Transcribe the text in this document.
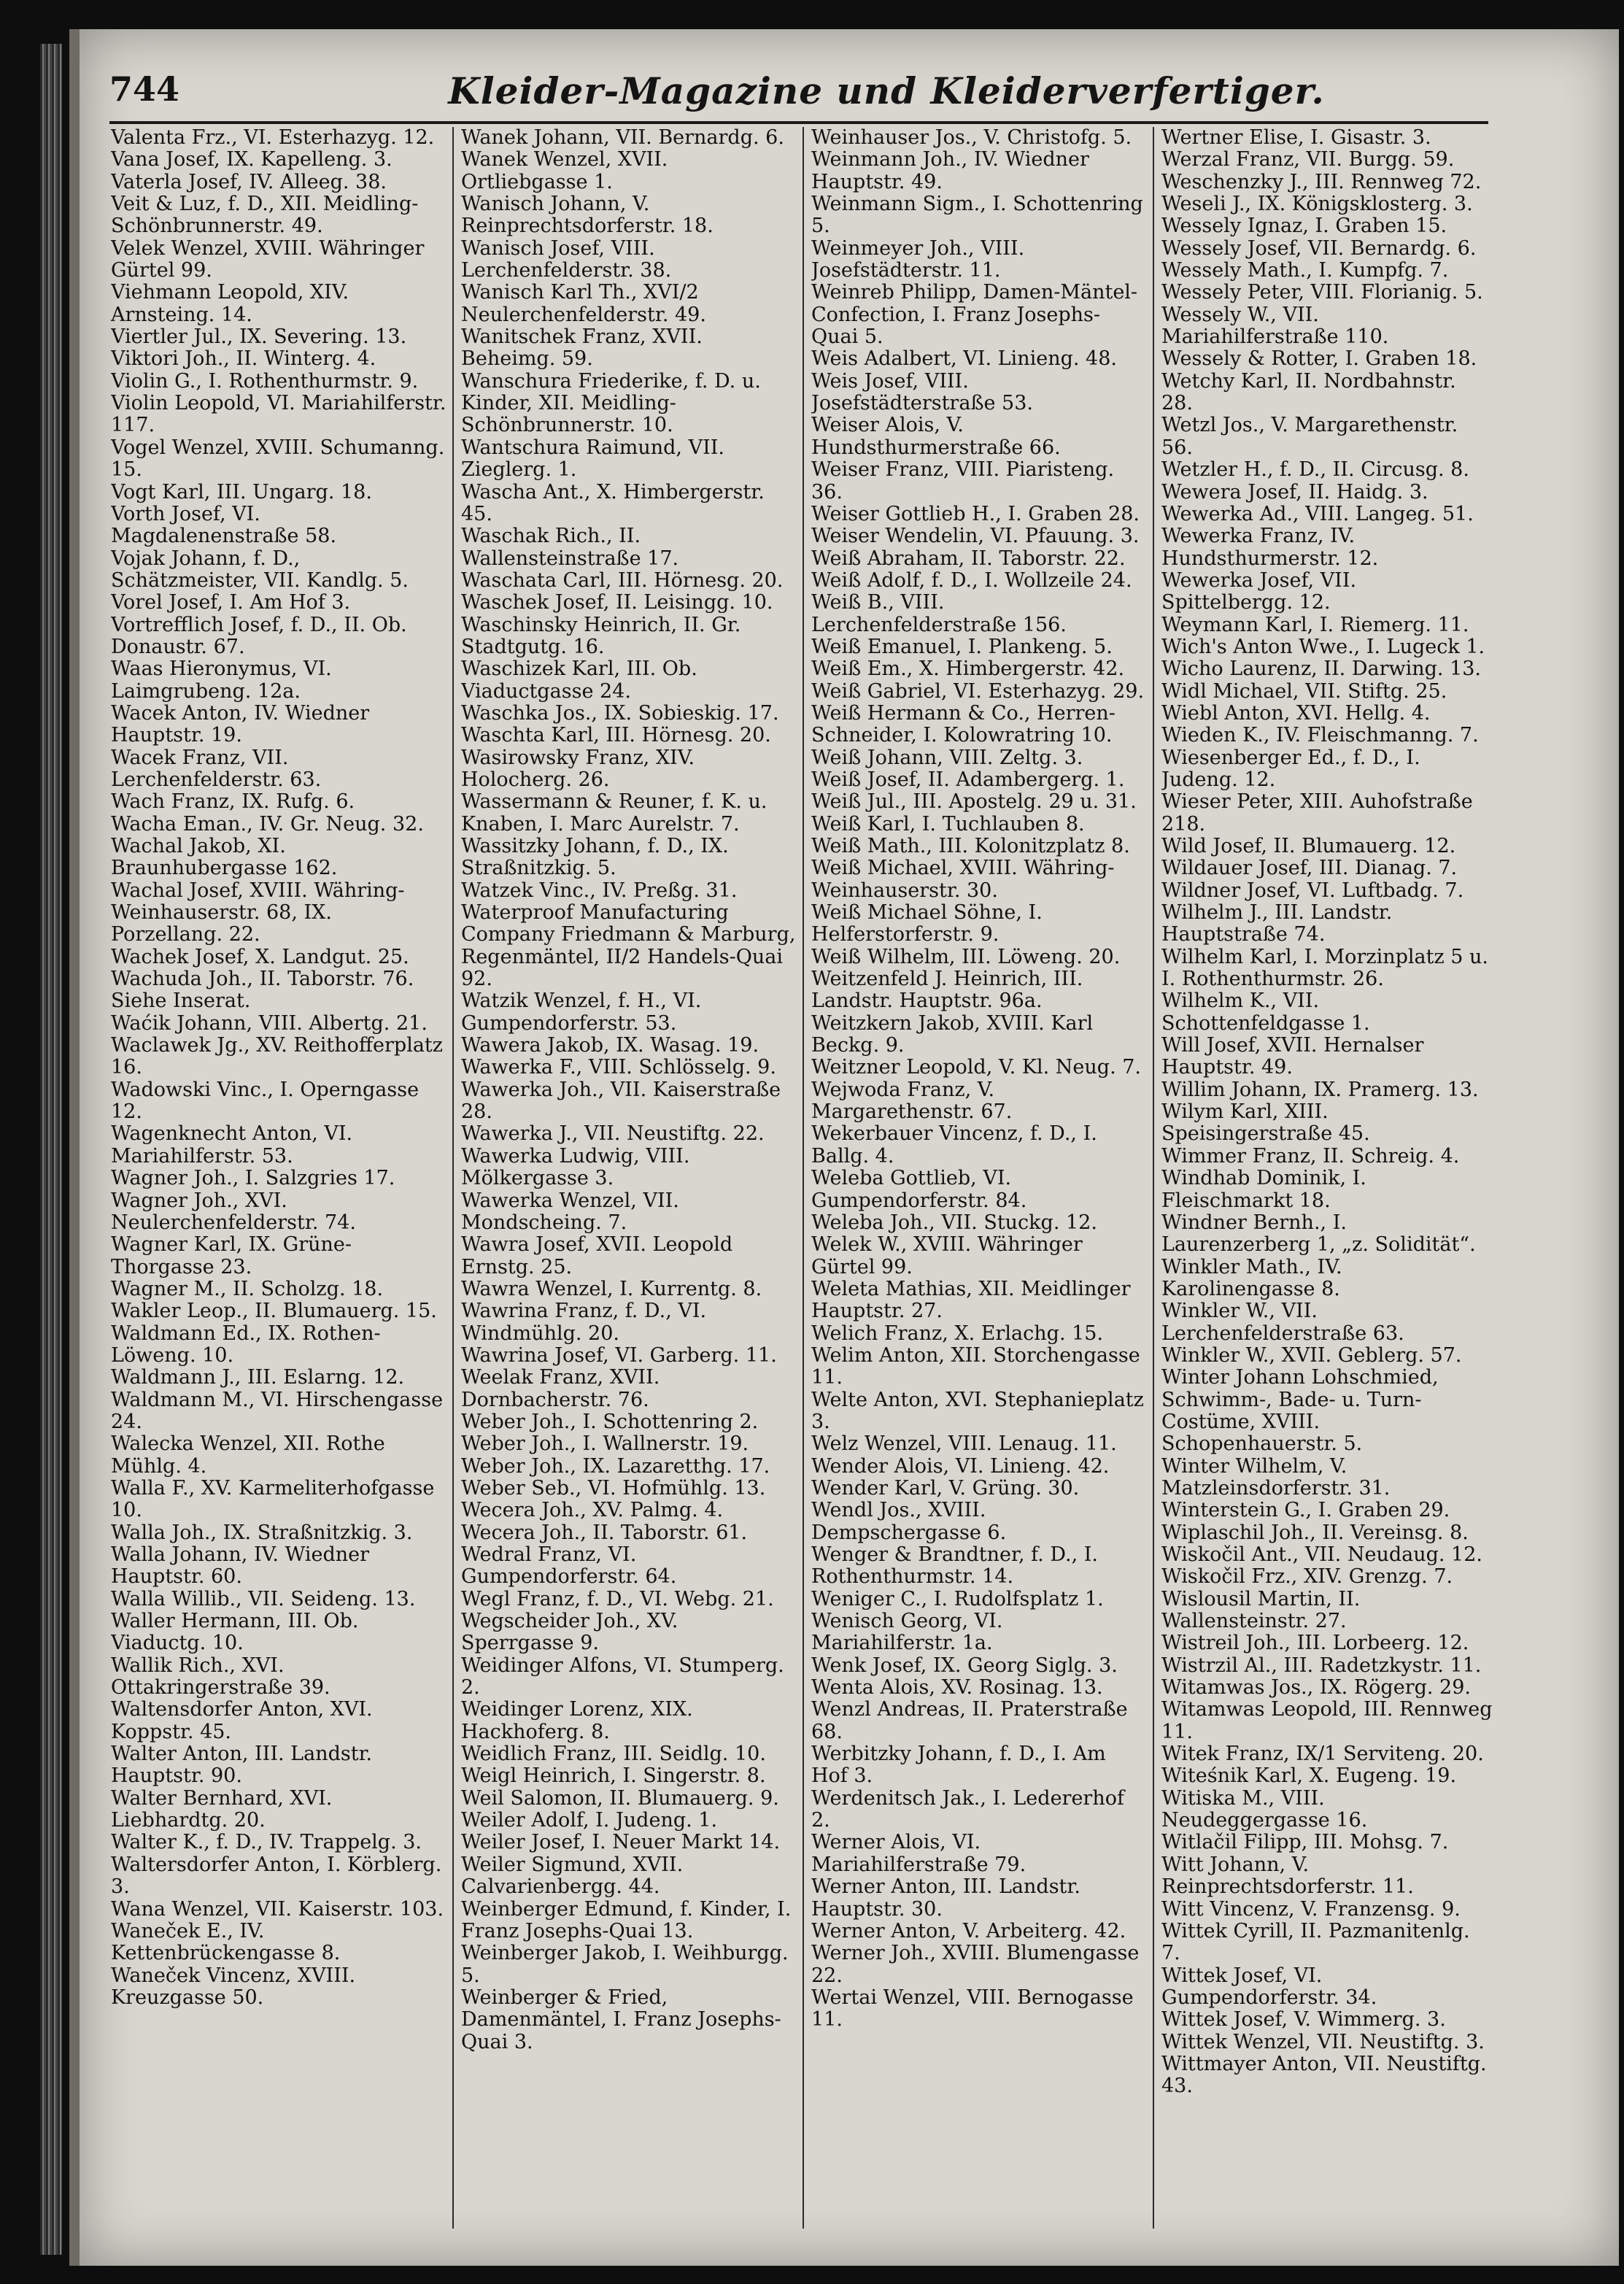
744	Kleider-Magazine und Kleiderverfertiger.
Valenta Frz., VI. Esterhazyg. 12.
Vana Josef, IX. Kapelleng. 3.
Vaterla Josef, IV. Alleeg. 38.
Veit & Luz, f. D., XII. Meidling-Schönbrunnerstr. 49.
Velek Wenzel, XVIII. Währinger Gürtel 99.
Viehmann Leopold, XIV. Arnsteing. 14.
Viertler Jul., IX. Severing. 13.
Viktori Joh., II. Winterg. 4.
Violin G., I. Rothenthurmstr. 9.
Violin Leopold, VI. Mariahilferstr. 117.
Vogel Wenzel, XVIII. Schumanng. 15.
Vogt Karl, III. Ungarg. 18.
Vorth Josef, VI. Magdalenenstraße 58.
Vojak Johann, f. D., Schätzmeister, VII. Kandlg. 5.
Vorel Josef, I. Am Hof 3.
Vortrefflich Josef, f. D., II. Ob. Donaustr. 67.
Waas Hieronymus, VI. Laimgrubeng. 12a.
Wacek Anton, IV. Wiedner Hauptstr. 19.
Wacek Franz, VII. Lerchenfelderstr. 63.
Wach Franz, IX. Rufg. 6.
Wacha Eman., IV. Gr. Neug. 32.
Wachal Jakob, XI. Braunhubergasse 162.
Wachal Josef, XVIII. Währing-Weinhauserstr. 68, IX. Porzellang. 22.
Wachek Josef, X. Landgut. 25.
Wachuda Joh., II. Taborstr. 76.
Siehe Inserat.
Waćik Johann, VIII. Albertg. 21.
Waclawek Jg., XV. Reithofferplatz 16.
Wadowski Vinc., I. Operngasse 12.
Wagenknecht Anton, VI. Mariahilferstr. 53.
Wagner Joh., I. Salzgries 17.
Wagner Joh., XVI. Neulerchenfelderstr. 74.
Wagner Karl, IX. Grüne-Thorgasse 23.
Wagner M., II. Scholzg. 18.
Wakler Leop., II. Blumauerg. 15.
Waldmann Ed., IX. Rothen-Löweng. 10.
Waldmann J., III. Eslarng. 12.
Waldmann M., VI. Hirschengasse 24.
Walecka Wenzel, XII. Rothe Mühlg. 4.
Walla F., XV. Karmeliterhofgasse 10.
Walla Joh., IX. Straßnitzkig. 3.
Walla Johann, IV. Wiedner Hauptstr. 60.
Walla Willib., VII. Seideng. 13.
Waller Hermann, III. Ob. Viaductg. 10.
Wallik Rich., XVI. Ottakringerstraße 39.
Waltensdorfer Anton, XVI. Koppstr. 45.
Walter Anton, III. Landstr. Hauptstr. 90.
Walter Bernhard, XVI. Liebhardtg. 20.
Walter K., f. D., IV. Trappelg. 3.
Waltersdorfer Anton, I. Körblerg. 3.
Wana Wenzel, VII. Kaiserstr. 103.
Waneček E., IV. Kettenbrückengasse 8.
Waneček Vincenz, XVIII. Kreuzgasse 50.
Wanek Johann, VII. Bernardg. 6.
Wanek Wenzel, XVII. Ortliebgasse 1.
Wanisch Johann, V. Reinprechtsdorferstr. 18.
Wanisch Josef, VIII. Lerchenfelderstr. 38.
Wanisch Karl Th., XVI/2 Neulerchenfelderstr. 49.
Wanitschek Franz, XVII. Beheimg. 59.
Wanschura Friederike, f. D. u. Kinder, XII. Meidling-Schönbrunnerstr. 10.
Wantschura Raimund, VII. Zieglerg. 1.
Wascha Ant., X. Himbergerstr. 45.
Waschak Rich., II. Wallensteinstraße 17.
Waschata Carl, III. Hörnesg. 20.
Waschek Josef, II. Leisingg. 10.
Waschinsky Heinrich, II. Gr. Stadtgutg. 16.
Waschizek Karl, III. Ob. Viaductgasse 24.
Waschka Jos., IX. Sobieskig. 17.
Waschta Karl, III. Hörnesg. 20.
Wasirowsky Franz, XIV. Holocherg. 26.
Wassermann & Reuner, f. K. u. Knaben, I. Marc Aurelstr. 7.
Wassitzky Johann, f. D., IX. Straßnitzkig. 5.
Watzek Vinc., IV. Preßg. 31.
Waterproof Manufacturing Company Friedmann & Marburg, Regenmäntel, II/2 Handels-Quai 92.
Watzik Wenzel, f. H., VI. Gumpendorferstr. 53.
Wawera Jakob, IX. Wasag. 19.
Wawerka F., VIII. Schlösselg. 9.
Wawerka Joh., VII. Kaiserstraße 28.
Wawerka J., VII. Neustiftg. 22.
Wawerka Ludwig, VIII. Mölkergasse 3.
Wawerka Wenzel, VII. Mondscheing. 7.
Wawra Josef, XVII. Leopold Ernstg. 25.
Wawra Wenzel, I. Kurrentg. 8.
Wawrina Franz, f. D., VI. Windmühlg. 20.
Wawrina Josef, VI. Garberg. 11.
Weelak Franz, XVII. Dornbacherstr. 76.
Weber Joh., I. Schottenring 2.
Weber Joh., I. Wallnerstr. 19.
Weber Joh., IX. Lazaretthg. 17.
Weber Seb., VI. Hofmühlg. 13.
Wecera Joh., XV. Palmg. 4.
Wecera Joh., II. Taborstr. 61.
Wedral Franz, VI. Gumpendorferstr. 64.
Wegl Franz, f. D., VI. Webg. 21.
Wegscheider Joh., XV. Sperrgasse 9.
Weidinger Alfons, VI. Stumperg. 2.
Weidinger Lorenz, XIX. Hackhoferg. 8.
Weidlich Franz, III. Seidlg. 10.
Weigl Heinrich, I. Singerstr. 8.
Weil Salomon, II. Blumauerg. 9.
Weiler Adolf, I. Judeng. 1.
Weiler Josef, I. Neuer Markt 14.
Weiler Sigmund, XVII. Calvarienbergg. 44.
Weinberger Edmund, f. Kinder, I. Franz Josephs-Quai 13.
Weinberger Jakob, I. Weihburgg. 5.
Weinberger & Fried, Damenmäntel, I. Franz Josephs-Quai 3.
Weinhauser Jos., V. Christofg. 5.
Weinmann Joh., IV. Wiedner Hauptstr. 49.
Weinmann Sigm., I. Schottenring 5.
Weinmeyer Joh., VIII. Josefstädterstr. 11.
Weinreb Philipp, Damen-Mäntel-Confection, I. Franz Josephs-Quai 5.
Weis Adalbert, VI. Linieng. 48.
Weis Josef, VIII. Josefstädterstraße 53.
Weiser Alois, V. Hundsthurmerstraße 66.
Weiser Franz, VIII. Piaristeng. 36.
Weiser Gottlieb H., I. Graben 28.
Weiser Wendelin, VI. Pfauung. 3.
Weiß Abraham, II. Taborstr. 22.
Weiß Adolf, f. D., I. Wollzeile 24.
Weiß B., VIII. Lerchenfelderstraße 156.
Weiß Emanuel, I. Plankeng. 5.
Weiß Em., X. Himbergerstr. 42.
Weiß Gabriel, VI. Esterhazyg. 29.
Weiß Hermann & Co., Herren-Schneider, I. Kolowratring 10.
Weiß Johann, VIII. Zeltg. 3.
Weiß Josef, II. Adambergerg. 1.
Weiß Jul., III. Apostelg. 29 u. 31.
Weiß Karl, I. Tuchlauben 8.
Weiß Math., III. Kolonitzplatz 8.
Weiß Michael, XVIII. Währing-Weinhauserstr. 30.
Weiß Michael Söhne, I. Helferstorferstr. 9.
Weiß Wilhelm, III. Löweng. 20.
Weitzenfeld J. Heinrich, III. Landstr. Hauptstr. 96a.
Weitzkern Jakob, XVIII. Karl Beckg. 9.
Weitzner Leopold, V. Kl. Neug. 7.
Wejwoda Franz, V. Margarethenstr. 67.
Wekerbauer Vincenz, f. D., I. Ballg. 4.
Weleba Gottlieb, VI. Gumpendorferstr. 84.
Weleba Joh., VII. Stuckg. 12.
Welek W., XVIII. Währinger Gürtel 99.
Weleta Mathias, XII. Meidlinger Hauptstr. 27.
Welich Franz, X. Erlachg. 15.
Welim Anton, XII. Storchengasse 11.
Welte Anton, XVI. Stephanieplatz 3.
Welz Wenzel, VIII. Lenaug. 11.
Wender Alois, VI. Linieng. 42.
Wender Karl, V. Grüng. 30.
Wendl Jos., XVIII. Dempschergasse 6.
Wenger & Brandtner, f. D., I. Rothenthurmstr. 14.
Weniger C., I. Rudolfsplatz 1.
Wenisch Georg, VI. Mariahilferstr. 1a.
Wenk Josef, IX. Georg Siglg. 3.
Wenta Alois, XV. Rosinag. 13.
Wenzl Andreas, II. Praterstraße 68.
Werbitzky Johann, f. D., I. Am Hof 3.
Werdenitsch Jak., I. Ledererhof 2.
Werner Alois, VI. Mariahilferstraße 79.
Werner Anton, III. Landstr. Hauptstr. 30.
Werner Anton, V. Arbeiterg. 42.
Werner Joh., XVIII. Blumengasse 22.
Wertai Wenzel, VIII. Bernogasse 11.
Wertner Elise, I. Gisastr. 3.
Werzal Franz, VII. Burgg. 59.
Weschenzky J., III. Rennweg 72.
Weseli J., IX. Königsklosterg. 3.
Wessely Ignaz, I. Graben 15.
Wessely Josef, VII. Bernardg. 6.
Wessely Math., I. Kumpfg. 7.
Wessely Peter, VIII. Florianig. 5.
Wessely W., VII. Mariahilferstraße 110.
Wessely & Rotter, I. Graben 18.
Wetchy Karl, II. Nordbahnstr. 28.
Wetzl Jos., V. Margarethenstr. 56.
Wetzler H., f. D., II. Circusg. 8.
Wewera Josef, II. Haidg. 3.
Wewerka Ad., VIII. Langeg. 51.
Wewerka Franz, IV. Hundsthurmerstr. 12.
Wewerka Josef, VII. Spittelbergg. 12.
Weymann Karl, I. Riemerg. 11.
Wich's Anton Wwe., I. Lugeck 1.
Wicho Laurenz, II. Darwing. 13.
Widl Michael, VII. Stiftg. 25.
Wiebl Anton, XVI. Hellg. 4.
Wieden K., IV. Fleischmanng. 7.
Wiesenberger Ed., f. D., I. Judeng. 12.
Wieser Peter, XIII. Auhofstraße 218.
Wild Josef, II. Blumauerg. 12.
Wildauer Josef, III. Dianag. 7.
Wildner Josef, VI. Luftbadg. 7.
Wilhelm J., III. Landstr. Hauptstraße 74.
Wilhelm Karl, I. Morzinplatz 5 u. I. Rothenthurmstr. 26.
Wilhelm K., VII. Schottenfeldgasse 1.
Will Josef, XVII. Hernalser Hauptstr. 49.
Willim Johann, IX. Pramerg. 13.
Wilym Karl, XIII. Speisingerstraße 45.
Wimmer Franz, II. Schreig. 4.
Windhab Dominik, I. Fleischmarkt 18.
Windner Bernh., I. Laurenzerberg 1, „z. Solidität“.
Winkler Math., IV. Karolinengasse 8.
Winkler W., VII. Lerchenfelderstraße 63.
Winkler W., XVII. Geblerg. 57.
Winter Johann Lohschmied, Schwimm-, Bade- u. Turn-Costüme, XVIII. Schopenhauerstr. 5.
Winter Wilhelm, V. Matzleinsdorferstr. 31.
Winterstein G., I. Graben 29.
Wiplaschil Joh., II. Vereinsg. 8.
Wiskočil Ant., VII. Neudaug. 12.
Wiskočil Frz., XIV. Grenzg. 7.
Wislousil Martin, II. Wallensteinstr. 27.
Wistreil Joh., III. Lorbeerg. 12.
Wistrzil Al., III. Radetzkystr. 11.
Witamwas Jos., IX. Rögerg. 29.
Witamwas Leopold, III. Rennweg 11.
Witek Franz, IX/1 Serviteng. 20.
Witeśnik Karl, X. Eugeng. 19.
Witiska M., VIII. Neudeggergasse 16.
Witlačil Filipp, III. Mohsg. 7.
Witt Johann, V. Reinprechtsdorferstr. 11.
Witt Vincenz, V. Franzensg. 9.
Wittek Cyrill, II. Pazmanitenlg. 7.
Wittek Josef, VI. Gumpendorferstr. 34.
Wittek Josef, V. Wimmerg. 3.
Wittek Wenzel, VII. Neustiftg. 3.
Wittmayer Anton, VII. Neustiftg. 43.
